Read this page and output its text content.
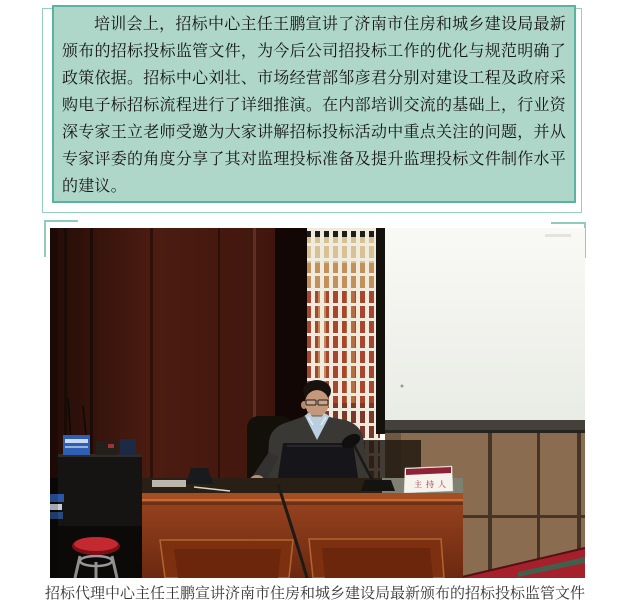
培训会上，招标中心主任王鹏宣讲了济南市住房和城乡建设局最新颁布的招标投标监管文件，为今后公司招投标工作的优化与规范明确了政策依据。招标中心刘壮、市场经营部邹彦君分别对建设工程及政府采购电子标招标流程进行了详细推演。在内部培训交流的基础上，行业资深专家王立老师受邀为大家讲解招标投标活动中重点关注的问题，并从专家评委的角度分享了其对监理投标准备及提升监理投标文件制作水平的建议。

主持人
招标代理中心主任王鹏宣讲济南市住房和城乡建设局最新颁布的招标投标监管文件
